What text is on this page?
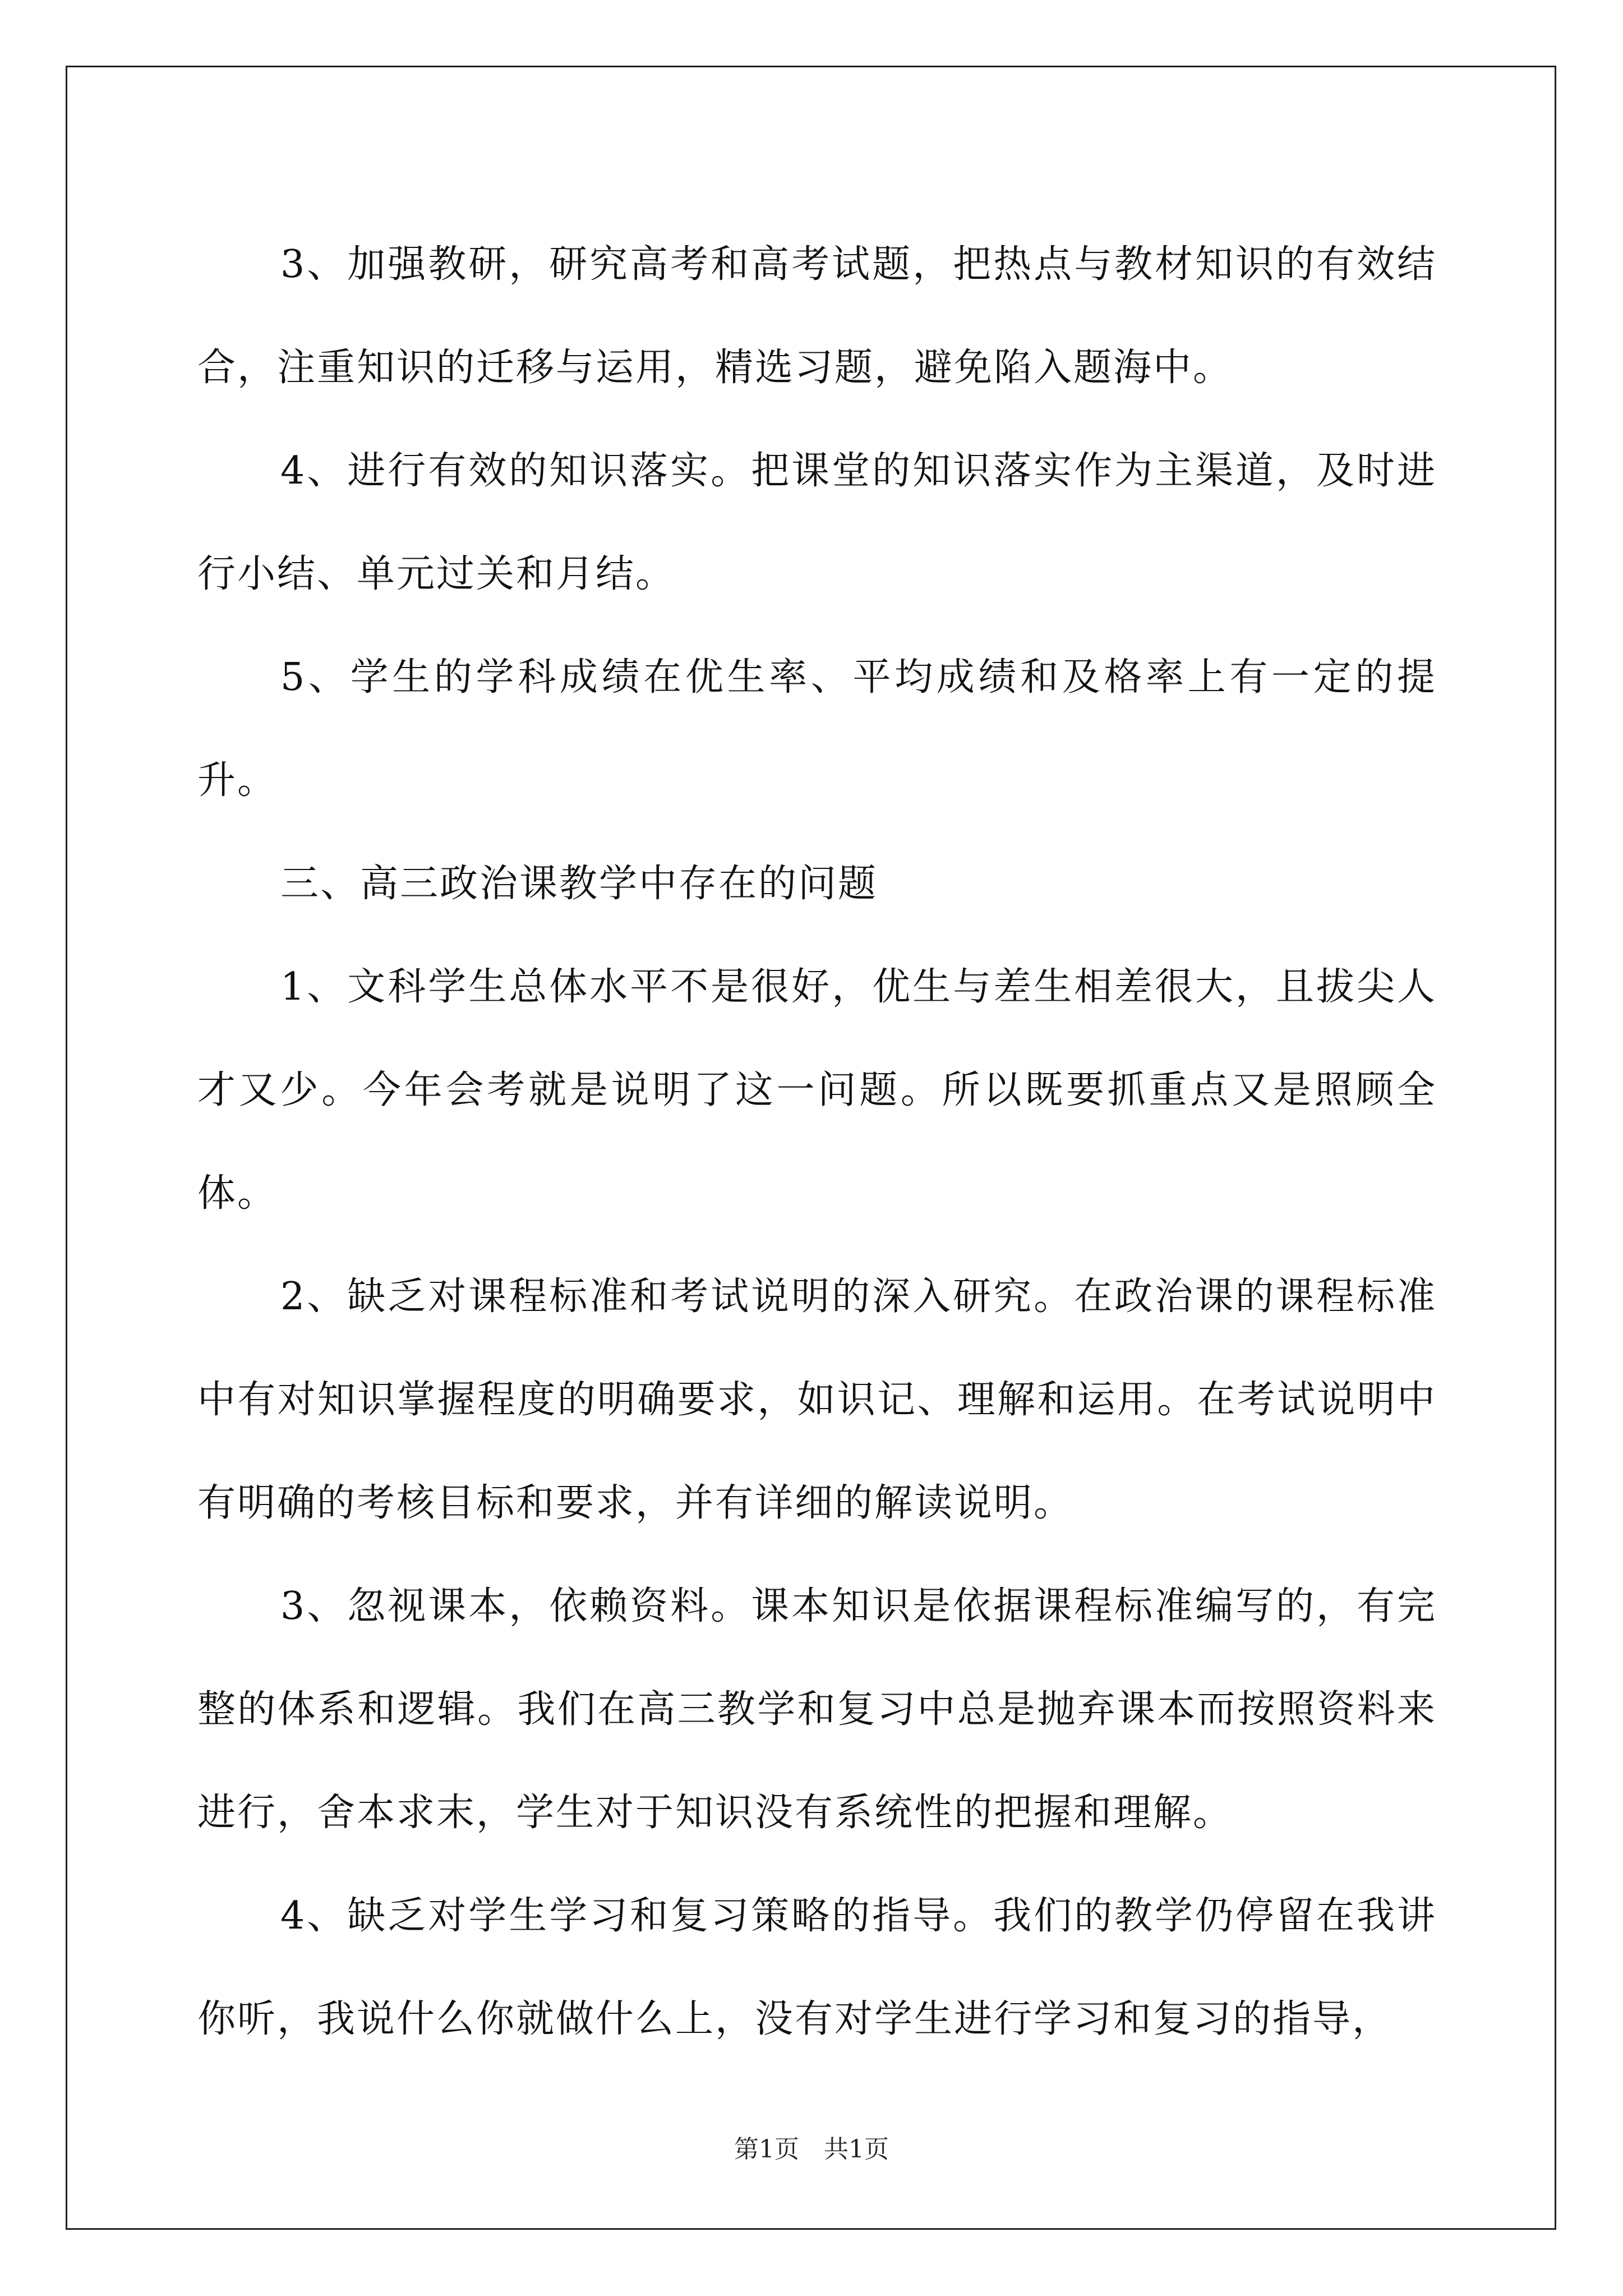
3、加强教研，研究高考和高考试题，把热点与教材知识的有效结合，注重知识的迁移与运用，精选习题，避免陷入题海中。

4、进行有效的知识落实。把课堂的知识落实作为主渠道，及时进行小结、单元过关和月结。

5、学生的学科成绩在优生率、平均成绩和及格率上有一定的提升。

三、高三政治课教学中存在的问题

1、文科学生总体水平不是很好，优生与差生相差很大，且拔尖人才又少。今年会考就是说明了这一问题。所以既要抓重点又是照顾全体。

2、缺乏对课程标准和考试说明的深入研究。在政治课的课程标准中有对知识掌握程度的明确要求，如识记、理解和运用。在考试说明中有明确的考核目标和要求，并有详细的解读说明。

3、忽视课本，依赖资料。课本知识是依据课程标准编写的，有完整的体系和逻辑。我们在高三教学和复习中总是抛弃课本而按照资料来进行，舍本求末，学生对于知识没有系统性的把握和理解。

4、缺乏对学生学习和复习策略的指导。我们的教学仍停留在我讲你听，我说什么你就做什么上，没有对学生进行学习和复习的指导，

第1页　共1页
